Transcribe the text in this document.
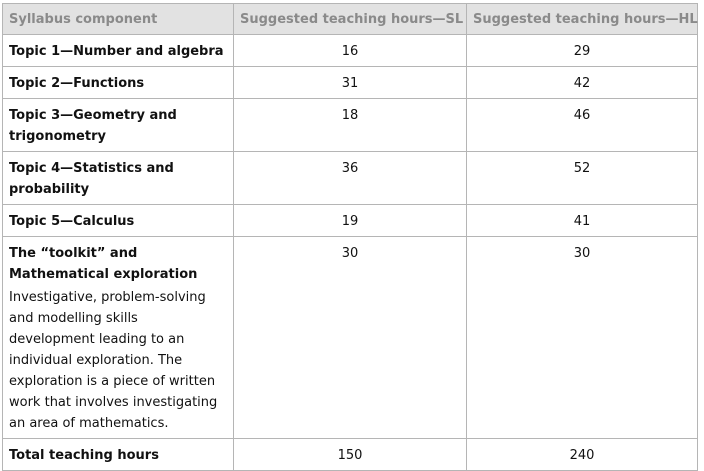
Syllabus component	Suggested teaching hours—SL	Suggested teaching hours—HL
Topic 1—Number and algebra	16	29
Topic 2—Functions	31	42
Topic 3—Geometry and trigonometry	18	46
Topic 4—Statistics and probability	36	52
Topic 5—Calculus	19	41

The “toolkit” and Mathematical exploration
Investigative, problem-solving and modelling skills development leading to an individual exploration. The exploration is a piece of written work that involves investigating an area of mathematics.	30	30
Total teaching hours	150	240
